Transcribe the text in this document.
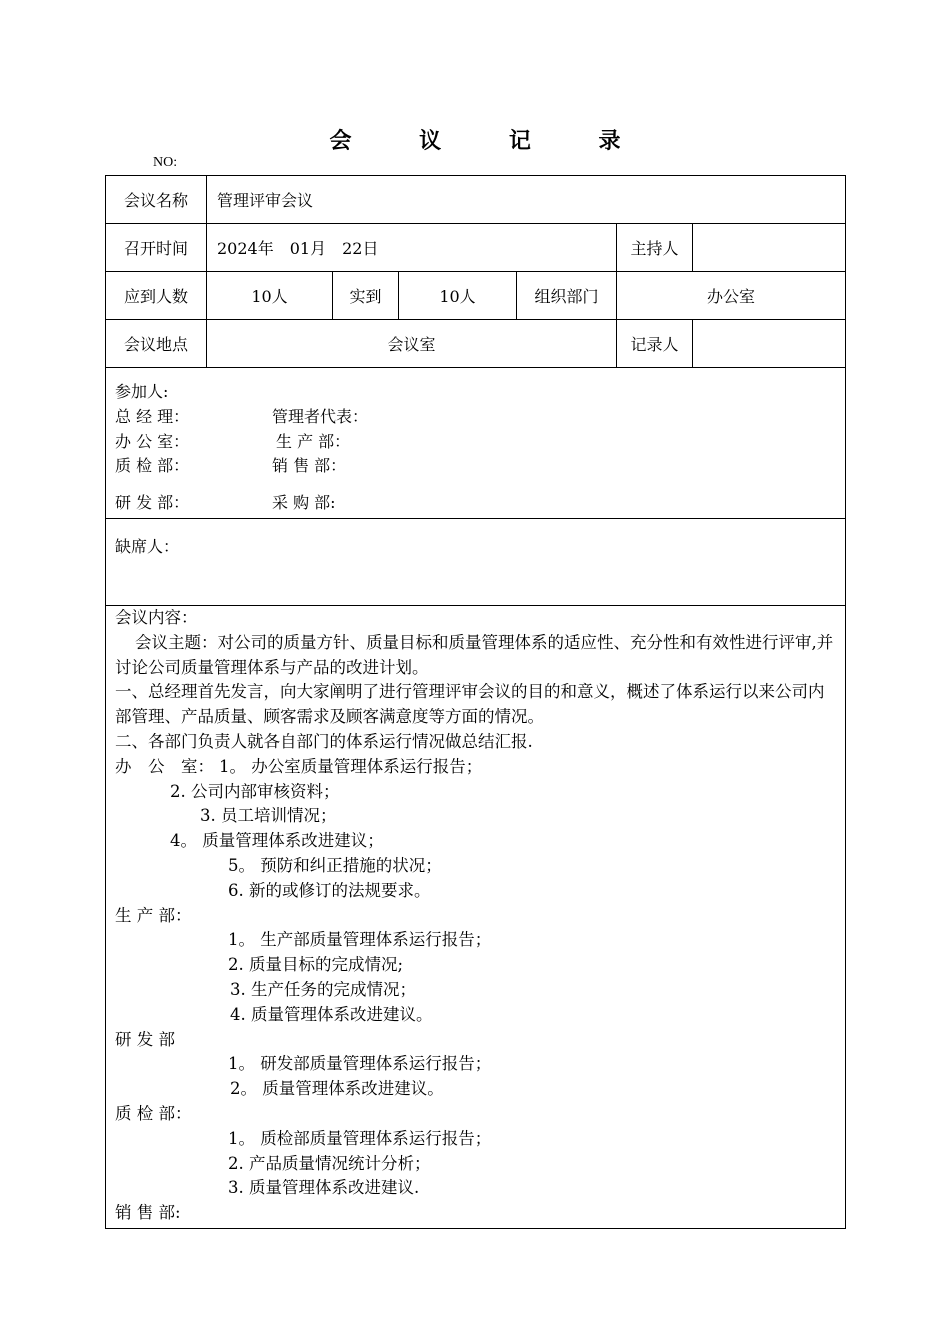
会 议 记 录
NO:
会议名称	管理评审会议
召开时间	2024年　01月　22日	主持人
应到人数	10人	实到	10人	组织部门	办公室
会议地点	会议室	记录人
参加人:
总 经 理：	管理者代表：
办 公 室：	生 产 部：
质 检 部：	销 售 部：
研 发 部：	采 购 部:
缺席人：
会议内容：
会议主题：对公司的质量方针、质量目标和质量管理体系的适应性、充分性和有效性进行评审,并讨论公司质量管理体系与产品的改进计划。
一、总经理首先发言，向大家阐明了进行管理评审会议的目的和意义，概述了体系运行以来公司内部管理、产品质量、顾客需求及顾客满意度等方面的情况。
二、各部门负责人就各自部门的体系运行情况做总结汇报.
办　公　室： 1。 办公室质量管理体系运行报告；
2. 公司内部审核资料；
3. 员工培训情况；
4。 质量管理体系改进建议；
5。 预防和纠正措施的状况；
6. 新的或修订的法规要求。
生 产 部：
1。 生产部质量管理体系运行报告；
2. 质量目标的完成情况;
3. 生产任务的完成情况；
4. 质量管理体系改进建议。
研 发 部
1。 研发部质量管理体系运行报告；
2。 质量管理体系改进建议。
质 检 部：
1。 质检部质量管理体系运行报告；
2. 产品质量情况统计分析；
3. 质量管理体系改进建议.
销 售 部:
